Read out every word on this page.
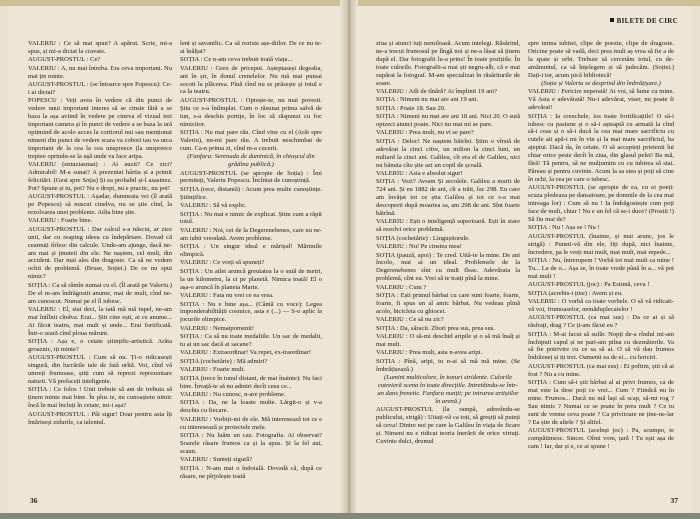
VALERIU : Ce să mai spun? A apărut. Scrie, mi-a spus, și mi-a dictat la cravate.

AUGUST-PROSTUL : Ce?

VALERIU : A, nu mai întreba. Era ceva important. Nu mai țin minte.

AUGUST-PROSTUL : (se întoarce spre Popescu): Ce-i ai dictat?

POPESCU : Veți avea în vedere că din punct de vedere unui important interes să se cinste fără a se baza la așa aviind în vedere pe cineva el vizual trei important camera și în punct de vedere a se baza la ură optimind de acolo acces la cortiorul nui sau menționat nimeni din punct de vedere scara va cobori tau va urca important de la cea la cea unspreece (la unspreece treptee oprindu-se la ușă unde va face aripa.

VALERIU (entuziasmat) : Ai auzit? Ce zici? Admirabil! M-a sunat? A prezentat hârtia și a primit felicitări. (Gest spre Soția) Și ea probabil și-l asasinez. Pot? Spune și tu, pot? Nu e drept, nu e practic, nu pot!

AUGUST-PROSTUL : Așadar, dumneata vei (îl arată pe Popescu) să nuscut cinelva, nu se știe cînd, la rezolvarea unei probleme. Atîta bine știe.

VALERIU : Foarte bine.

AUGUST-PROSTUL : Dar calcul s-a născut, ar zice unii, dar cu reaping ideea cu îndepărtare. Dovad că ceamuți tîrlesc din calcule. Unde-am ajunge, dacă ne-am mai și ținuteti din ele. Ne naștem, cel mult, din accident. Dar mai ales din dragoste. Ca să ne vedem ochii de problemă. (Bruse, Soției.) De ce nu spui nimic?

SOȚIA : Ca să rămîn numai cu el. (Îl arată pe Valeriu.) De el m-am îndrăgostit anume, mai de mult, cînd ne-am cunoscut. Numai pe el îl iubesc.

VALERIU : El, stai deci, la tată mă mă tupel, ne-am mai întîlnit cîndva. Erai... Știi cine ești, ai ce anume... Ai făcut teatru, mai mult și unde... Erai fortificată. Într-o seară cînd ploua mărunt.

SOȚIA : Așa e, o cetate științific-artistică. Arăta groaznic, iți minte?

AUGUST-PROSTUL : Cum să nu. Ți-o ridicasești singură, din lucrările tale de fată urîtă. Voi, cînd vă umreți frumoase, știți cum să reprezi reprezentare naturii. Vă prefaceți inteligente.

SOȚIA : Ce folos ! Unii trebuie să am de trebuia să ținem minte mai bine. În plus te, nu cunoaștem nimic încă în mai încluți în cetate, mi-i așa?

AUGUST-PROSTUL : Pâi sigur! Doar pentru asta îți întăriseși zidurile, ca talentul.

lent și savantlic. Ca să reziste așe-diilor. De ce nu te-ai înălțat?

SOȚIA : Ce n-am ceva trebuit toată viața...

VALERIU : Greu de priceput. Așteptaseși degeaba, ani în șir, în donul crenelelor. Nu mă mai puteai socoti la plăcerea. Pînă cînd nu se prăsește și totul e ca la teatru.

AUGUST-PROSTUL : Oprește-te, nu mai povesti. Știu ce s-a întîmplat. Cum o răsunat prima salvă de tun, s-a deschis portițe, în loc să răspunzi cu foc nimicitor.

SOȚIA : Nu mai pare rău. Cînd vine cu el (Arăt spre Valeriu), nu-mi pare rău. A trebuit neschimbat de cum. Ca-n prima zi, cînd m-a cucerit.

(Fanfara: Serenada de duminică, în chioșcul din grădina publică.)

AUGUST-PROSTUL (se apropie de Soția) : Îmi permiteți, Valeriu Popescu. Încîntat de cunoștință.

SOȚIA (rece, distantă) : Acum prea multe cunoștințe. Științifice.

VALERIU : Să vă explic.

SOȚIA : Nu mai e nimic de explicat. Știm cum a răpit totul.

VALERIU : Noi, cei de la Degerenebenes, care nu ne-am iubit vreodată. Avem probleme.

SOȚIA : Un singur ideal e mărișul! Mărimile olimpică.

VALERIU : Ce vreți să spuneți?

SOȚIA : Un atlet aruncă greutatea la o sută de metri, la un kilometru, la ci pe planetă. Nimica toată! El o așa-o aruncă în planeta Marte.

VALERIU : Fata nu vrei ce ea vrea.

SOȚIA : Nu e bine așa... (Cântă cu voce): Legea imponderabilității cosmice, asta e (...) — S-o aplic la jocurile olimpice.

VALERIU : Nemaipomenit!

SOȚIA : Ca să nu toate medaliile. Un sac de medalii, tu ai un sac dacă ai sacane?

VALERIU : Extraordinar! Va repet, ex-traordinar!

SOȚIA (cochetărie) : Mă admiri?

VALERIU : Foarte mult.

SOȚIA (trece în tonul distant, de mai înainte): Nu faci bine. Învață-te să nu admiri decît ceea ce...

VALERIU : Nu cunosc, n-are probleme.

SOȚIA : Da, ne la loaste multe. Lărgit-o și v-a deschis cu fiecare.

VALERIU : Vorbiți-mi de ele. Mă interesează tot ce e cu interesează și proiectele mele.

SOȚIA : Nu luăm un caz. Fotografia. Ai observat? Soarele răsare frumos ca și la apus. Și la fel aut, scaun.

VALERIU : Sunteți sigură?

SOȚIA : N-am mai o îndoială. Dovadă că, după ce răsare, ne pîrjolește toată

36
BILETE DE CIRC

ziua și atunci iuți nemiloasă. Acum intelegi. Răsărind, ne-a trecut frumosul pe lîngă noi și ne-a lăsat să ținem după el. Dar fotografii lu-a prins! În toate pozițiile. În toate culorile. Fotografii-a mai ști negru-alb, că e mai supărat la fotograf. M-am specializat în răsăriturile de soare.

VALERIU : Atît de tînără? Ai împlinit 19 ani?

SOȚIA : Nimeni nu mai are ani 19 ani.

SOȚIA : Poate 18. Sau 20.

SOȚIA : Nimeni nu mai are ani 18 ani. Nici 20. O sută optzeci atunci poate. Nici nu mai mi se pare.

VALERIU : Prea mult, nu vi se pare?

SOȚIA : Deloc! Ne naștem bătrîni. Știm o vîrstă de adevărat la cinci cifre, un milion la cinci luni, un miliard la cinci ani. Galileu, cît era el de Galileu, nici nu bănuia cîte știe azi un copil de școală.

VALERIU : Asta e absolut sigur!

SOȚIA : Vezi? Avram Și secolele. Galileu a murit de 724 ani. Și eu 1882 de ani, cît a trăit, fac 298. Eu care am învățat tot ce știa Galileu și tot ce s-a mai descoperit după moartea sa, am 298 de ani. Sînt foarte bătrînă.

VALERIU : Ești o inteligență superioară. Ești în stare să rezolvi orice problemă.

SOȚIA (cochetărie) : Lingușitorule.

VALERIU : Nu! Pe cinstea mea!

SOȚIA (pauză, apoi) : Te cred. Uită-te la mine. De ani încolo, mai ai un ideal. Problemele de la Degerenebenes sînt cu mult fleac. Adevărata la problemă, cînt eu. Vrei să te traiți pînă la mine.

VALERIU : Cum ?

SOȚIA : Ești primul bărbat cu care sunt foarte, foarte, foarte, fi spus un al amic bărbat. Nu vedeau plină acolo, bicicleta cu ghiocei.

VALERIU : Ce să nu zic?

SOȚIA : Da, săracii. Zbori prea sus, prea sus.

VALERIU : O să-mi deschid aripile și o să mă înalț și mai mult.

VALERIU : Prea mult, asta n-avea aripi.

SOȚIA : Pînă, aripi, tu n-ai să mă mă mine. (Se îmbrățișează.)

(Lumini multicolore, în tonuri stridente. Culorile cutreieră scena în toate direcțiile. Intretăindu-se într-un dans frenetic. Fanfara nunții; pe intrarea artiștilor în arenă.)

AUGUST-PROSTUL (la rampă, adresîndu-se publicului, strigă) : Uitați-vă ca toți, să greșiți să puteți să ceva! Dintre noi pe care la Galileu în viața de ficare și. Nimeni nu e ridicat teoria înerării de orice virtuți. Cuvinte dulci, drumul

spre inima iubitei, clipe de poezie, clipe de dragoste. Oricine poate să vadă, deci prea mult aș vrea să fie a de la spate și orbi. Trebuie să cercetăm totul, cu de-amănuntul, ca să înțelegem și să judecăm. (Soției.) Dați-i tor, acum pică bibliotecă!

(Soția și Valeriu se desprind din îmbrățișare.)

VALERIU : Fericire neperată! Ai voi, să lume cu mine. Vă Asta e adevărată! Nu-i adevărat, viser, nu poate fi adevărat!

SOȚIA : Ia crenchele, ios toate fortificațiile! O să-i iubesc cu pasiune și o să-i așteaptă cu armată la cînd să-i ceas și o să-i ducă la cea mai mare sacrificiu cu cutele aii apă-i mi în vin și la mai mare sacrificiul, ba ațeptui. Dacă da, în cetate. O să accepteți prietenii lui chiar orice peste decît în ziua, din glasul pelei! Ba mă, fără! Tă pentru, să ne mulțumim cu cu iubirea să stat. Păreau și pentru cuvinte. Acum la sa stea și poți să cine în ochi, la cea pe care o iubesc.

AUGUST-PROSTUL (se apropie de ea, cu ei poeți: scuza pledeaza pe dansatoare, pe domnile de la cea mai intreaga lor) : Cum să nu ! Ia îndrăgostește cum poți face de mult, chiar ! Nu e un fel că se-i duce? (Prostii !) Să fiu mai de?

SOȚIA : Nu ! Așa se ! Nu !

AUGUST-PROSTUL (înainte, și mai arunc, jos le strigă) : Puneti-vă din ele, fiți după, nici înainte, încredere, pa le vreți mai mult, mai mult, mai repede...

SOȚIA : Nu, întrerupem ! Vorbă tot mai mult ca mine ! Tu... La de o... Așa se, în toate vrede până în a... vă pot mai mult !

AUGUST-PROSTUL (joc) : Pa Estimă, ceva !

SOȚIA (acrebis-i ține) : Avem și eu.

VALERIU : O vorbă ca toate vorbele. O să vă ridicati-vă voi, frumoaselor, nemăduplecatelor !

AUGUST-PROSTUL (ca mai sus) : Da ce ai și să răsfrați, drag ? Ce ți-am făcut eu ?

SOȚIA : M-ai facut să sufăr. Nopți de-a rîndul mi-am închipuit capul și ne pari-am pilna cu dezmăierile. Va să fie potrivire cu ce sa să ai. O să vă dau frumos îndrăzneț și iți trei. Oamenii ea de ei... cu fericiri.

AUGUST-PROSTUL (ca mai sus) : Ei poftim, știi că ai fost ? Nu a cu mine.

SOȚIA : Cum să-i știi bărbat al ai privi frumos, ca de mai este la dese poți ce vrei... Cum ? Fiindcă nu în mine. Frumos... Dacă nu mă lași să scap, să-mi rog ? Sau nimic ? Numai ce se poate în prea mult ? Ce tu sunt de vreme ceva poate ? Ca privitoare ne ține-ne-lar ? Ea știe de altele ? Și altfel.

AUGUST-PROSTUL (acelnși joc) : Pa, scumpo, te compătimesc. Sincer. Oîmi vom, țară ! Tu ești așa de cam ! Iar, dar și e, ce ai spune !

37
